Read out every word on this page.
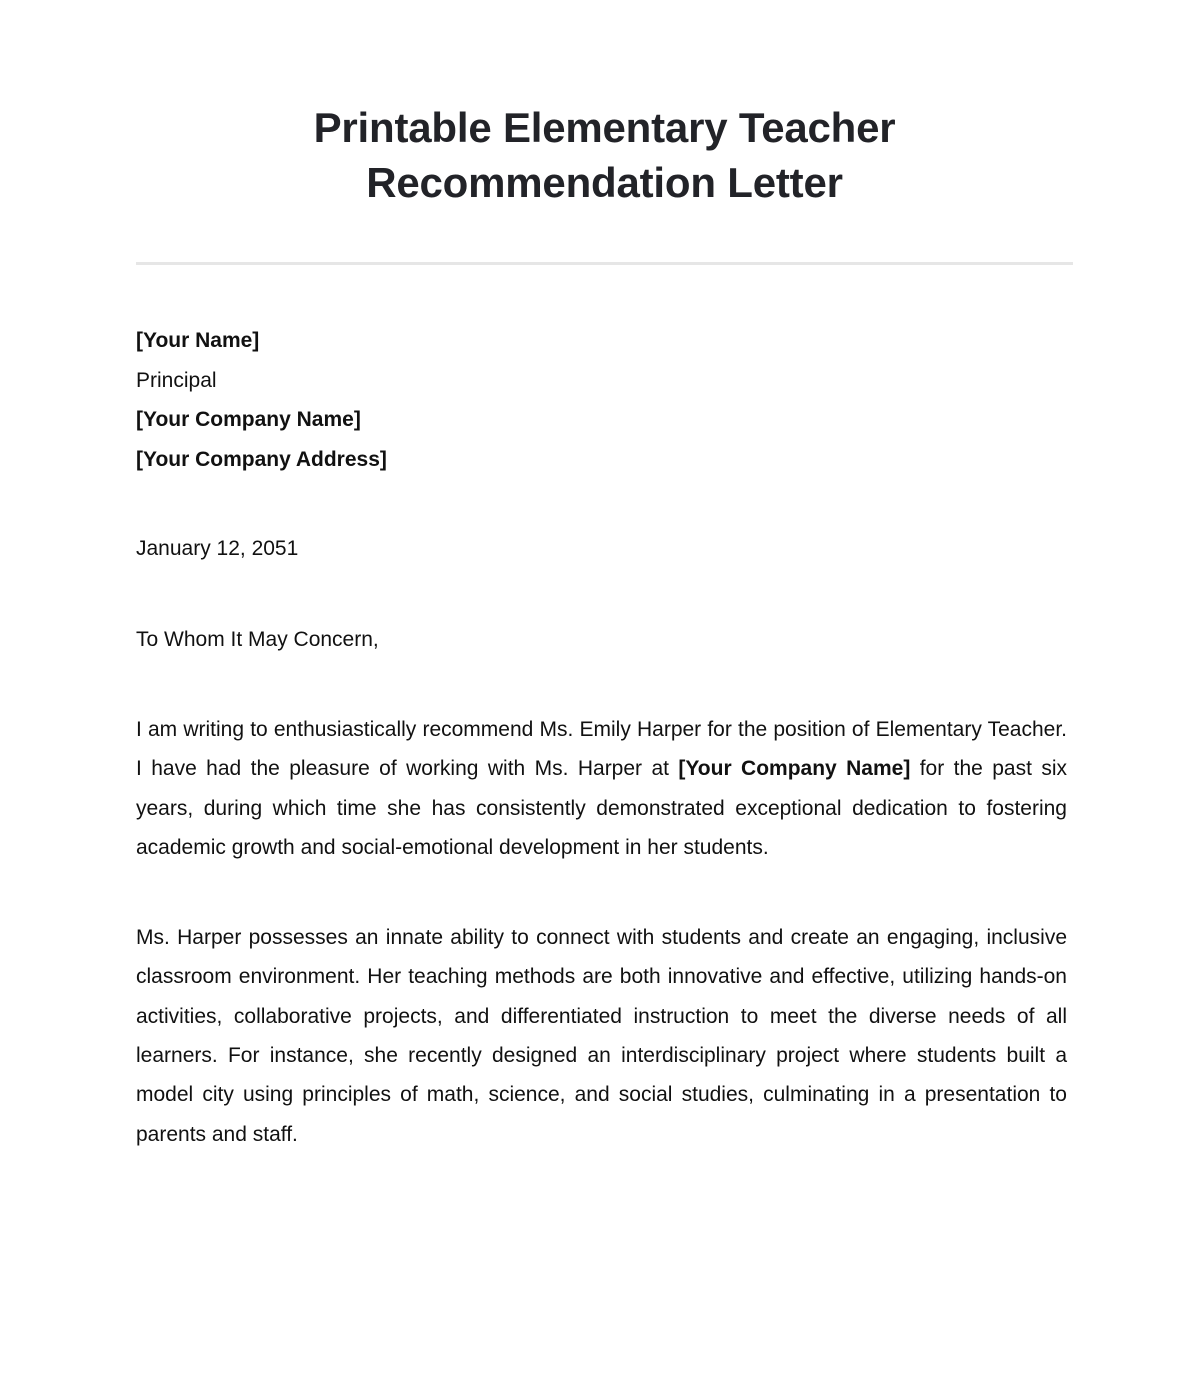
Printable Elementary Teacher
Recommendation Letter
[Your Name]
Principal
[Your Company Name]
[Your Company Address]
January 12, 2051
To Whom It May Concern,

I am writing to enthusiastically recommend Ms. Emily Harper for the position of Elementary Teacher. I have had the pleasure of working with Ms. Harper at [Your Company Name] for the past six years, during which time she has consistently demonstrated exceptional dedication to fostering academic growth and social-emotional development in her students.

Ms. Harper possesses an innate ability to connect with students and create an engaging, inclusive classroom environment. Her teaching methods are both innovative and effective, utilizing hands-on activities, collaborative projects, and differentiated instruction to meet the diverse needs of all learners. For instance, she recently designed an interdisciplinary project where students built a model city using principles of math, science, and social studies, culminating in a presentation to parents and staff.
